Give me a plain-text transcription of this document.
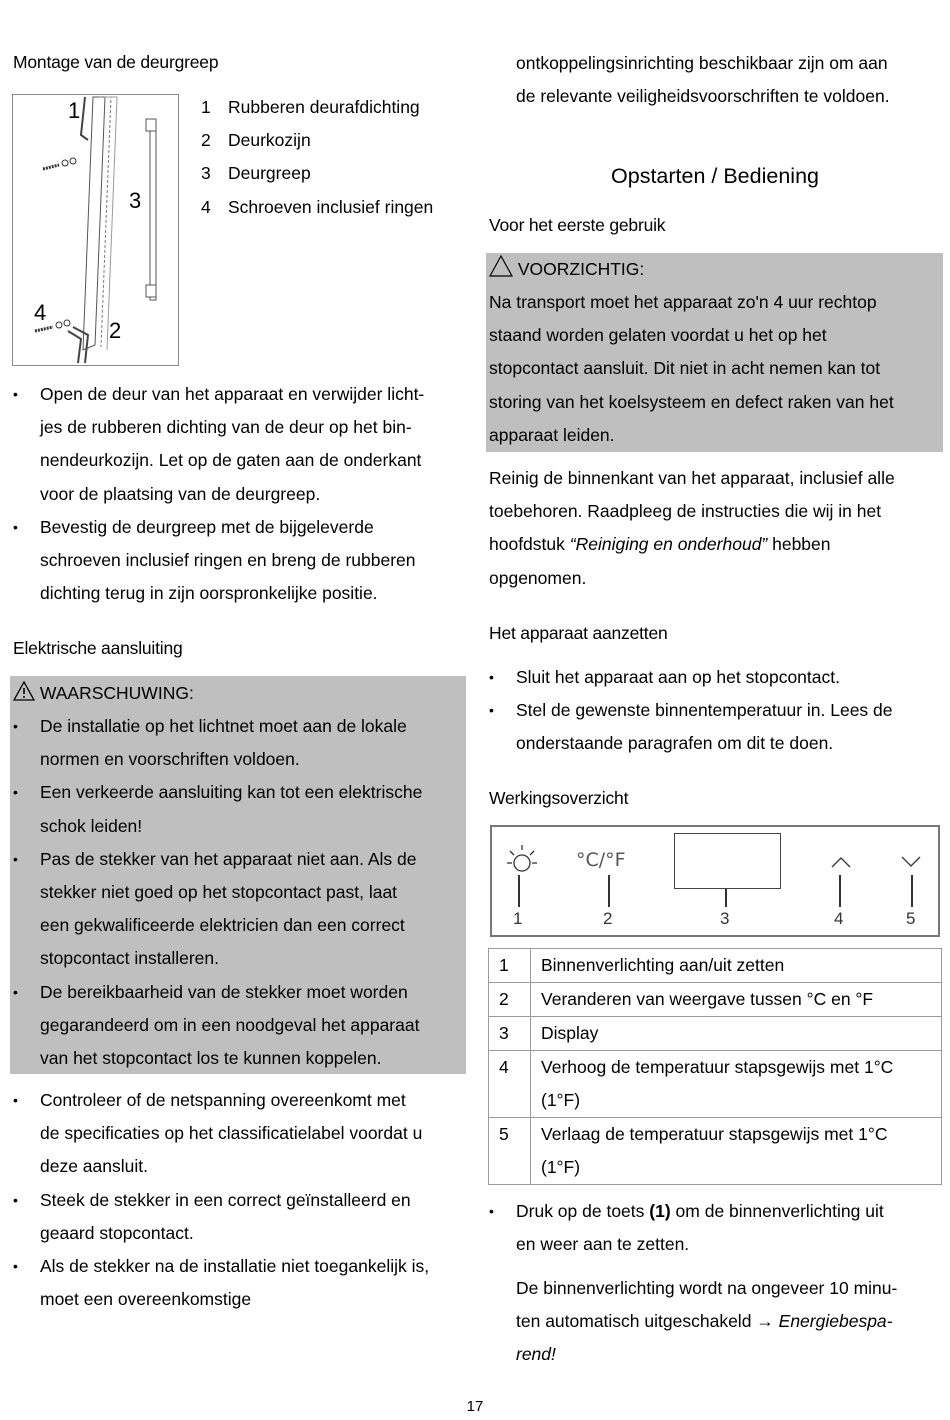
Montage van de deurgreep
1
3
4
2
1 Rubberen deurafdichting
2 Deurkozijn
3 Deurgreep
4 Schroeven inclusief ringen
• Open de deur van het apparaat en verwijder licht-
jes de rubberen dichting van de deur op het bin-
nendeurkozijn. Let op de gaten aan de onderkant
voor de plaatsing van de deurgreep.
• Bevestig de deurgreep met de bijgeleverde
schroeven inclusief ringen en breng de rubberen
dichting terug in zijn oorspronkelijke positie.
Elektrische aansluiting
WAARSCHUWING:
• De installatie op het lichtnet moet aan de lokale
normen en voorschriften voldoen.
• Een verkeerde aansluiting kan tot een elektrische
schok leiden!
• Pas de stekker van het apparaat niet aan. Als de
stekker niet goed op het stopcontact past, laat
een gekwalificeerde elektricien dan een correct
stopcontact installeren.
• De bereikbaarheid van de stekker moet worden
gegarandeerd om in een noodgeval het apparaat
van het stopcontact los te kunnen koppelen.
• Controleer of de netspanning overeenkomt met
de specificaties op het classificatielabel voordat u
deze aansluit.
• Steek de stekker in een correct geïnstalleerd en
geaard stopcontact.
• Als de stekker na de installatie niet toegankelijk is,
moet een overeenkomstige
ontkoppelingsinrichting beschikbaar zijn om aan
de relevante veiligheidsvoorschriften te voldoen.
Opstarten / Bediening
Voor het eerste gebruik
VOORZICHTIG:
Na transport moet het apparaat zo'n 4 uur rechtop
staand worden gelaten voordat u het op het
stopcontact aansluit. Dit niet in acht nemen kan tot
storing van het koelsysteem en defect raken van het
apparaat leiden.
Reinig de binnenkant van het apparaat, inclusief alle
toebehoren. Raadpleeg de instructies die wij in het
hoofdstuk “Reiniging en onderhoud” hebben
opgenomen.
Het apparaat aanzetten
• Sluit het apparaat aan op het stopcontact.
• Stel de gewenste binnentemperatuur in. Lees de
onderstaande paragrafen om dit te doen.
Werkingsoverzicht
°C/°F
1	2	3	4	5
1	Binnenverlichting aan/uit zetten
2	Veranderen van weergave tussen °C en °F
3	Display
4	Verhoog de temperatuur stapsgewijs met 1°C
(1°F)

5	Verlaag de temperatuur stapsgewijs met 1°C
(1°F)
• Druk op de toets (1) om de binnenverlichting uit
en weer aan te zetten.
De binnenverlichting wordt na ongeveer 10 minu-
ten automatisch uitgeschakeld → Energiebespa-
rend!
17
